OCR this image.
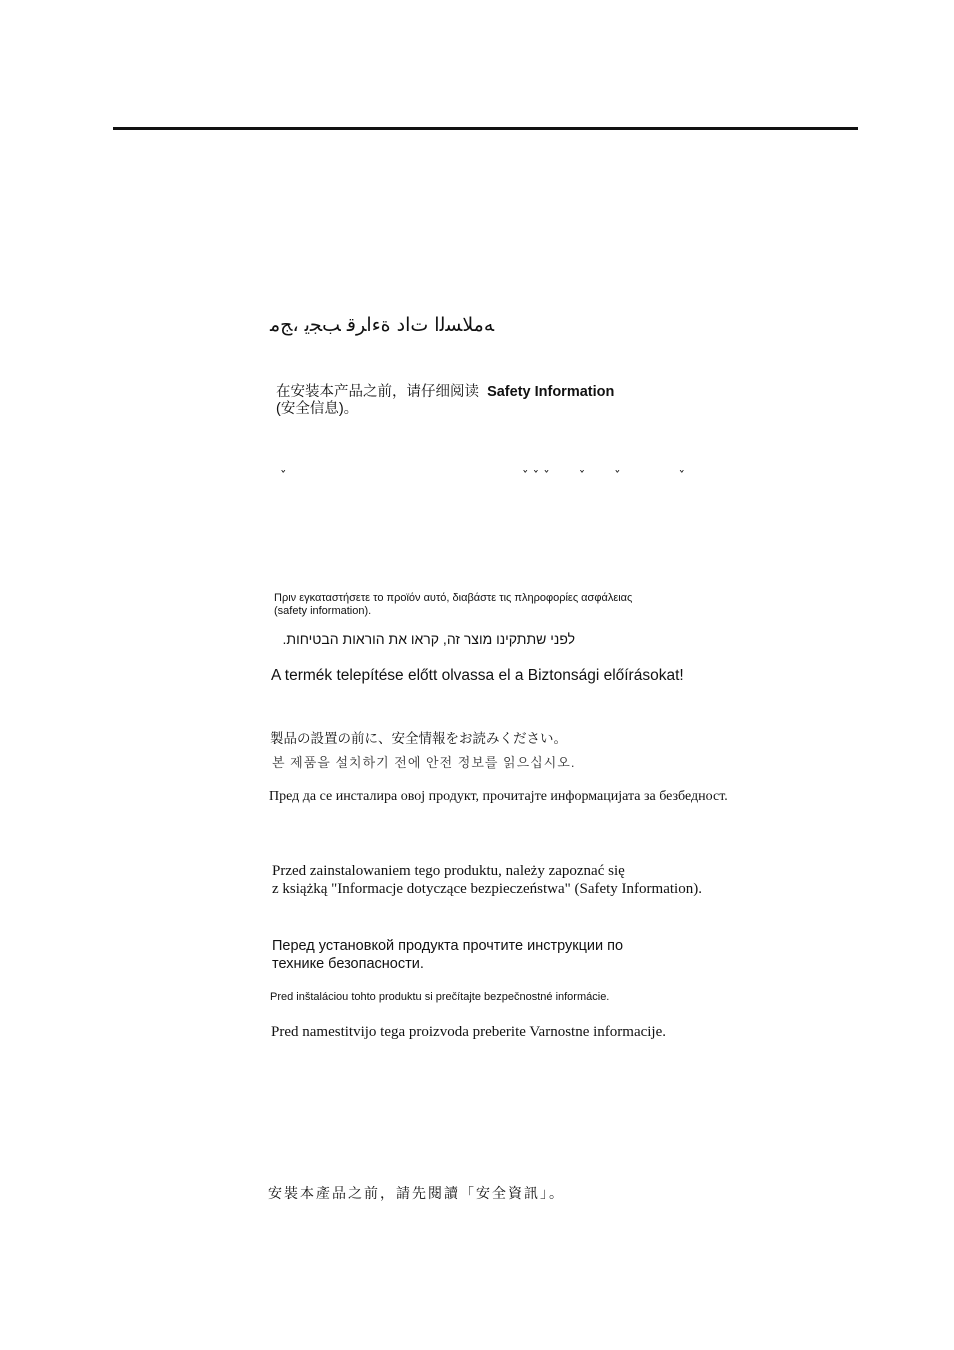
ﻪﻣﻼﺴﻟﺍ ﺕﺍﺩ ﺓءﺍﺮﻗ ﺐﺠﻳ ،ﺞﻣ

在安装本产品之前，请仔细阅读 Safety Information
(安全信息)。

ˇ                                                         ˇ ˇ ˇ       ˇ       ˇ              ˇ

Πριν εγκαταστήσετε το προϊόν αυτό, διαβάστε τις πληροφορίες ασφάλειας
(safety information).

לפני שתתקינו מוצר זה, קראו את הוראות הבטיחות.

A termék telepítése előtt olvassa el a Biztonsági előírásokat!

製品の設置の前に、安全情報をお読みください。

본 제품을 설치하기 전에 안전 정보를 읽으십시오.

Пред да се инсталира овој продукт, прочитајте информацијата за безбедност.

Przed zainstalowaniem tego produktu, należy zapoznać się
z książką "Informacje dotyczące bezpieczeństwa" (Safety Information).
Перед установкой продукта прочтите инструкции по
технике безопасности.

Pred inštaláciou tohto produktu si prečítajte bezpečnostné informácie.

Pred namestitvijo tega proizvoda preberite Varnostne informacije.

安裝本產品之前，請先閱讀「安全資訊」。
